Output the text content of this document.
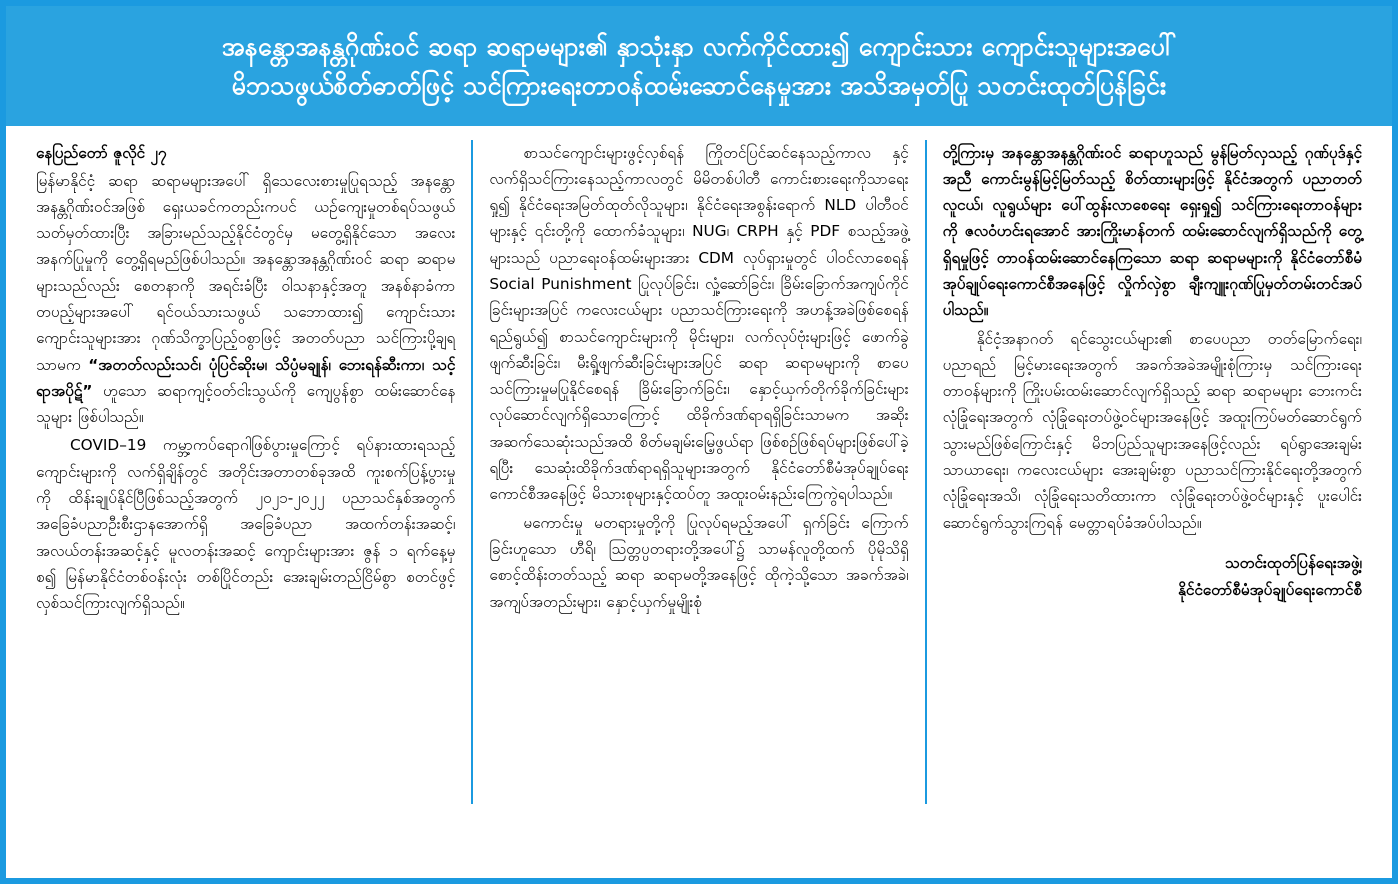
အနန္တောအနန္တဂိုဏ်းဝင် ဆရာ ဆရာမများ၏ နှာသုံးနှာ လက်ကိုင်ထား၍ ကျောင်းသား ကျောင်းသူများအပေါ်
မိဘသဖွယ်စိတ်ဓာတ်ဖြင့် သင်ကြားရေးတာဝန်ထမ်းဆောင်နေမှုအား အသိအမှတ်ပြု သတင်းထုတ်ပြန်ခြင်း
နေပြည်တော် ဇူလိုင် ၂၇

မြန်မာနိုင်ငံ့ ဆရာ ဆရာမများအပေါ် ရှိသေလေးစားမှုပြုရသည့် အနန္တောအနန္တဂိုဏ်းဝင်အဖြစ် ရှေးယခင်ကတည်းကပင် ယဉ်ကျေးမှုတစ်ရပ်သဖွယ် သတ်မှတ်ထားပြီး အခြားမည်သည့်နိုင်ငံတွင်မှ မတွေ့ရှိနိုင်သော အလေးအနက်ပြုမှုကို တွေ့ရှိရမည်ဖြစ်ပါသည်။ အနန္တောအနန္တဂိုဏ်းဝင် ဆရာ ဆရာမများသည်လည်း စေတနာကို အရင်းခံပြီး ဝါသနာနှင့်အတူ အနစ်နာခံကာ တပည့်များအပေါ် ရင်ဝယ်သားသဖွယ် သဘောထား၍ ကျောင်းသား ကျောင်းသူများအား ဂုဏ်သိက္ခာပြည့်ဝစွာဖြင့် အတတ်ပညာ သင်ကြားပို့ချရသာမက “အတတ်လည်းသင်၊ ပုံပြင်ဆိုးမ၊ သိပ္ပံမချုန်၊ ဘေးရန်ဆီးကာ၊ သင့်ရာအပိုဋ်” ဟူသော ဆရာကျင့်ဝတ်ငါးသွယ်ကို ကျေပွန်စွာ ထမ်းဆောင်နေသူများ ဖြစ်ပါသည်။

COVID–19 ကမ္ဘာ့ကပ်ရောဂါဖြစ်ပွားမှုကြောင့် ရပ်နားထားရသည့် ကျောင်းများကို လက်ရှိချိန်တွင် အတိုင်းအတာတစ်ခုအထိ ကူးစက်ပြန့်ပွားမှုကို ထိန်းချုပ်နိုင်ပြီဖြစ်သည့်အတွက် ၂၀၂၁-၂၀၂၂ ပညာသင်နှစ်အတွက် အခြေခံပညာဦးစီးဌာနအောက်ရှိ အခြေခံပညာ အထက်တန်းအဆင့်၊ အလယ်တန်းအဆင့်နှင့် မူလတန်းအဆင့် ကျောင်းများအား ဇွန် ၁ ရက်နေ့မှစ၍ မြန်မာနိုင်ငံတစ်ဝန်းလုံး တစ်ပြိုင်တည်း အေးချမ်းတည်ငြိမ်စွာ စတင်ဖွင့်လှစ်သင်ကြားလျက်ရှိသည်။

စာသင်ကျောင်းများဖွင့်လှစ်ရန် ကြိုတင်ပြင်ဆင်နေသည့်ကာလ နှင့် လက်ရှိသင်ကြားနေသည့်ကာလတွင် မိမိတစ်ပါတီ ကောင်းစားရေးကိုသာရေးရှု၍ နိုင်ငံရေးအမြတ်ထုတ်လိုသူများ၊ နိုင်ငံရေးအစွန်းရောက် NLD ပါတီဝင်များနှင့် ၎င်းတို့ကို ထောက်ခံသူများ၊ NUG၊ CRPH နှင့် PDF စသည့်အဖွဲ့များသည် ပညာရေးဝန်ထမ်းများအား CDM လုပ်ရှားမှုတွင် ပါဝင်လာစေရန် Social Punishment ပြုလုပ်ခြင်း၊ လှုံ့ဆော်ခြင်း၊ ခြိမ်းခြောက်အကျပ်ကိုင်ခြင်းများအပြင် ကလေးငယ်များ ပညာသင်ကြားရေးကို အဟန့်အခဲဖြစ်စေရန် ရည်ရွယ်၍ စာသင်ကျောင်းများကို မိုင်းများ၊ လက်လုပ်ဗုံးများဖြင့် ဖောက်ခွဲဖျက်ဆီးခြင်း၊ မီးရှို့ဖျက်ဆီးခြင်းများအပြင် ဆရာ ဆရာမများကို စာပေသင်ကြားမှုမပြုနိုင်စေရန် ခြိမ်းခြောက်ခြင်း၊ နှောင့်ယှက်တိုက်ခိုက်ခြင်းများ လုပ်ဆောင်လျက်ရှိသောကြောင့် ထိခိုက်ဒဏ်ရာရရှိခြင်းသာမက အဆိုးအဆက်သေဆုံးသည်အထိ စိတ်မချမ်းမြေ့ဖွယ်ရာ ဖြစ်စဉ်ဖြစ်ရပ်များဖြစ်ပေါ်ခဲ့ရပြီး သေဆုံးထိခိုက်ဒဏ်ရာရရှိသူများအတွက် နိုင်ငံတော်စီမံအုပ်ချုပ်ရေးကောင်စီအနေဖြင့် မိသားစုများနှင့်ထပ်တူ အထူးဝမ်းနည်းကြေကွဲရပါသည်။

မကောင်းမှု မတရားမှုတို့ကို ပြုလုပ်ရမည့်အပေါ် ရှက်ခြင်း ကြောက်ခြင်းဟူသော ဟီရိ၊ ဩတ္တပ္ပတရားတို့အပေါ်၌ သာမန်လူတို့ထက် ပိုမိုသိရှိစောင့်ထိန်းတတ်သည့် ဆရာ ဆရာမတို့အနေဖြင့် ထိုကဲ့သို့သော အခက်အခဲ၊ အကျပ်အတည်းများ၊ နှောင့်ယှက်မှုမျိုးစုံ

တို့ကြားမှ အနန္တောအနန္တဂိုဏ်းဝင် ဆရာဟူသည် မွန်မြတ်လှသည့် ဂုဏ်ပုဒ်နှင့်အညီ ကောင်းမွန်မြင့်မြတ်သည့် စိတ်ထားများဖြင့် နိုင်ငံအတွက် ပညာတတ်လူငယ်၊ လူရွယ်များ ပေါ်ထွန်းလာစေရေး ရှေးရှု၍ သင်ကြားရေးတာဝန်များကို ဇလဝံဟင်းရအောင် အားကြိုးမာန်တက် ထမ်းဆောင်လျက်ရှိသည်ကို တွေ့ရှိရမှုဖြင့် တာဝန်ထမ်းဆောင်နေကြသော ဆရာ ဆရာမများကို နိုင်ငံတော်စီမံအုပ်ချုပ်ရေးကောင်စီအနေဖြင့် လှိုက်လှဲစွာ ချီးကျူးဂုဏ်ပြုမှတ်တမ်းတင်အပ်ပါသည်။

နိုင်ငံ့အနာဂတ် ရင်သွေးငယ်များ၏ စာပေပညာ တတ်မြောက်ရေး၊ ပညာရည် မြင့်မားရေးအတွက် အခက်အခဲအမျိုးစုံကြားမှ သင်ကြားရေး တာဝန်များကို ကြိုးပမ်းထမ်းဆောင်လျက်ရှိသည့် ဆရာ ဆရာမများ ဘေးကင်းလုံခြုံရေးအတွက် လုံခြုံရေးတပ်ဖွဲ့ဝင်များအနေဖြင့် အထူးကြပ်မတ်ဆောင်ရွက်သွားမည်ဖြစ်ကြောင်းနှင့် မိဘပြည်သူများအနေဖြင့်လည်း ရပ်ရွာအေးချမ်းသာယာရေး၊ ကလေးငယ်များ အေးချမ်းစွာ ပညာသင်ကြားနိုင်ရေးတို့အတွက် လုံခြုံရေးအသိ၊ လုံခြုံရေးသတိထားကာ လုံခြုံရေးတပ်ဖွဲ့ဝင်များနှင့် ပူးပေါင်းဆောင်ရွက်သွားကြရန် မေတ္တာရပ်ခံအပ်ပါသည်။

သတင်းထုတ်ပြန်ရေးအဖွဲ့၊
နိုင်ငံတော်စီမံအုပ်ချုပ်ရေးကောင်စီ
